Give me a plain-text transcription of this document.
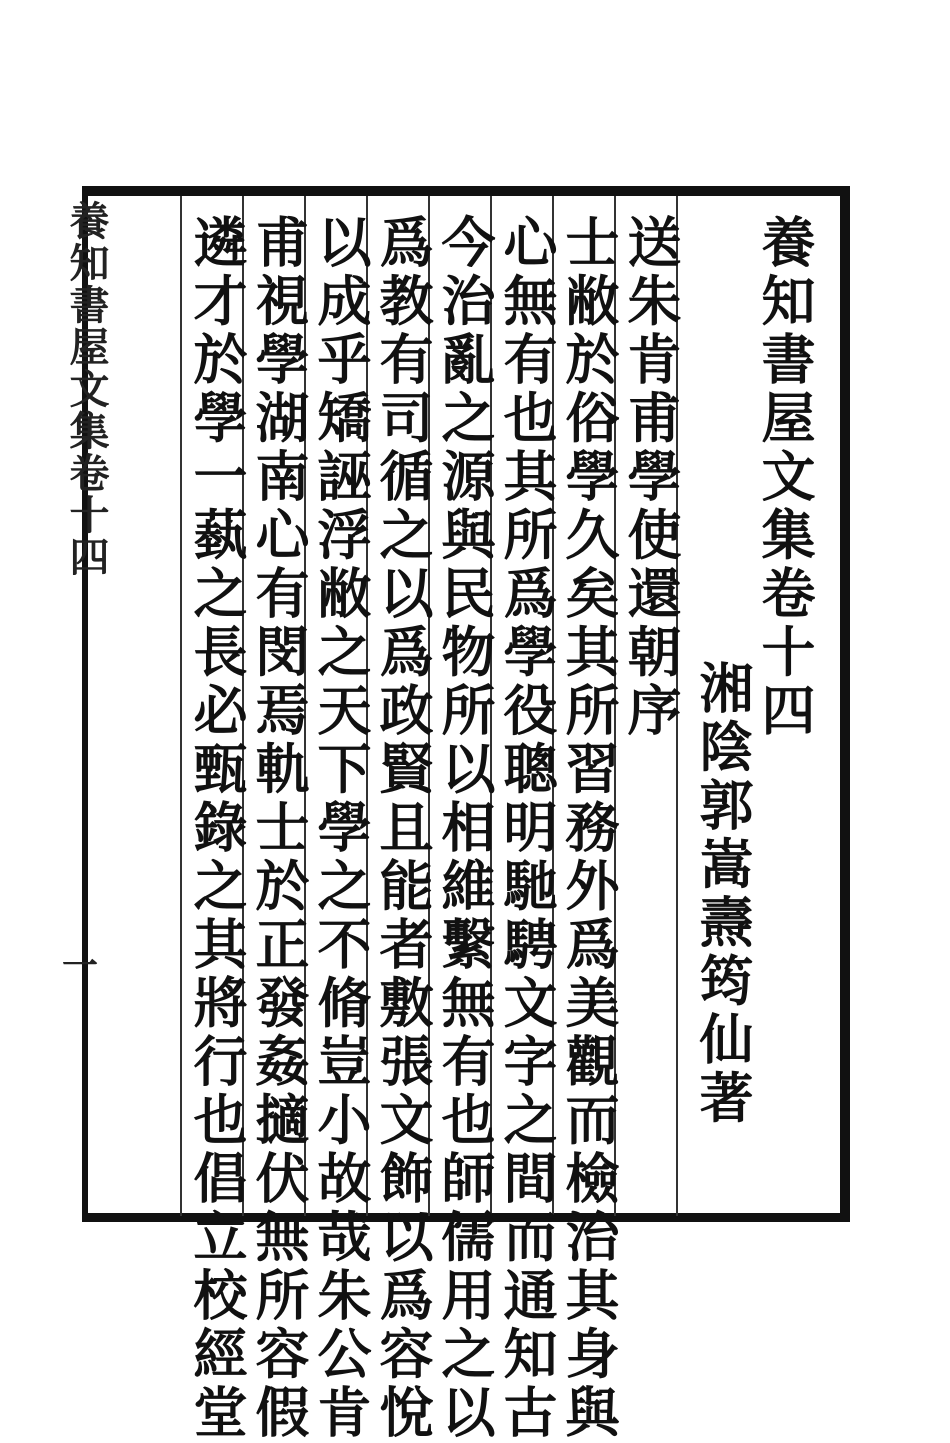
養知書屋文集卷十四
湘陰郭嵩燾筠仙著
送朱肯甫學使還朝序
士敝於俗學久矣其所習務外爲美觀而檢治其身與
心無有也其所爲學役聰明馳騁文字之間而通知古
今治亂之源與民物所以相維繫無有也師儒用之以
爲教有司循之以爲政賢且能者敷張文飾以爲容悅
以成乎矯誣浮敝之天下學之不脩豈小故哉朱公肯
甫視學湖南心有閔焉軌士於正發姦擿伏無所容假
遴才於學一蓺之長必甄錄之其將行也倡立校經堂
養知書屋文集卷十四
一
